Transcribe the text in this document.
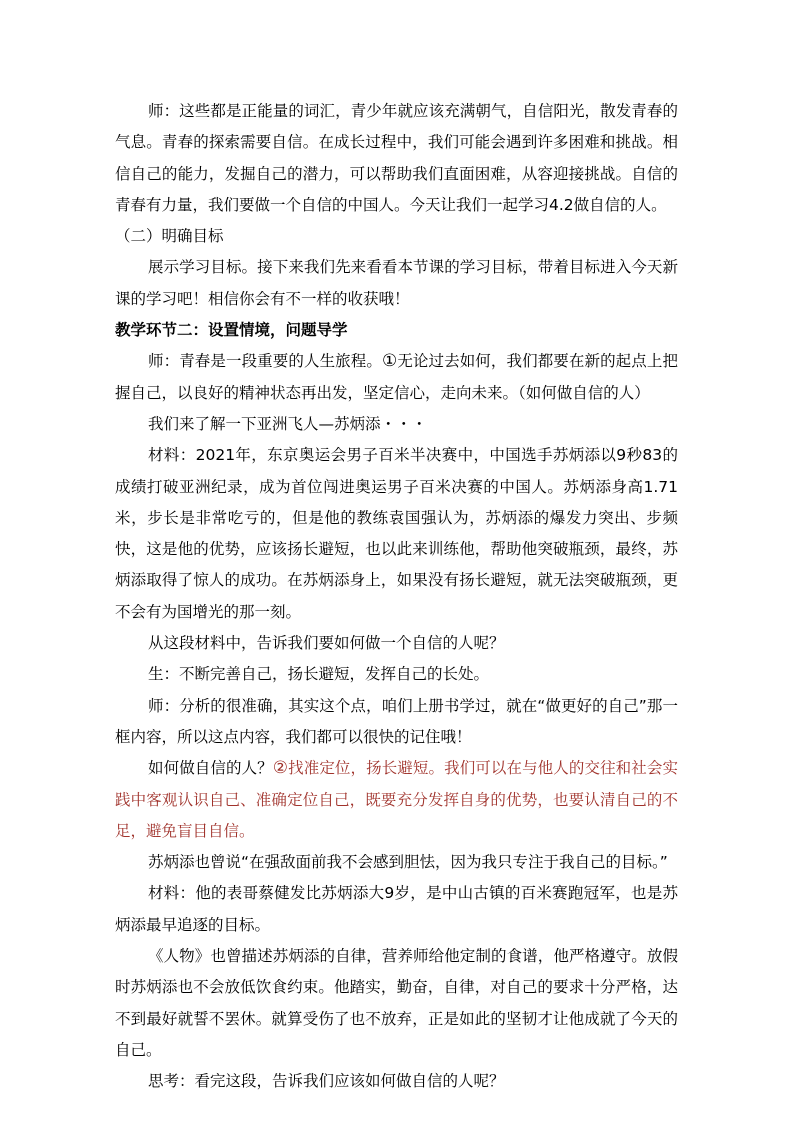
师：这些都是正能量的词汇，青少年就应该充满朝气，自信阳光，散发青春的气息。青春的探索需要自信。在成长过程中，我们可能会遇到许多困难和挑战。相信自己的能力，发掘自己的潜力，可以帮助我们直面困难，从容迎接挑战。自信的青春有力量，我们要做一个自信的中国人。今天让我们一起学习4.2做自信的人。

（二）明确目标

展示学习目标。接下来我们先来看看本节课的学习目标，带着目标进入今天新课的学习吧！相信你会有不一样的收获哦！

教学环节二：设置情境，问题导学

师：青春是一段重要的人生旅程。①无论过去如何，我们都要在新的起点上把握自己，以良好的精神状态再出发，坚定信心，走向未来。（如何做自信的人）

我们来了解一下亚洲飞人—苏炳添・・・

材料：2021年，东京奥运会男子百米半决赛中，中国选手苏炳添以9秒83的成绩打破亚洲纪录，成为首位闯进奥运男子百米决赛的中国人。苏炳添身高1.71米，步长是非常吃亏的，但是他的教练袁国强认为，苏炳添的爆发力突出、步频快，这是他的优势，应该扬长避短，也以此来训练他，帮助他突破瓶颈，最终，苏炳添取得了惊人的成功。在苏炳添身上，如果没有扬长避短，就无法突破瓶颈，更不会有为国增光的那一刻。

从这段材料中，告诉我们要如何做一个自信的人呢？

生：不断完善自己，扬长避短，发挥自己的长处。

师：分析的很准确，其实这个点，咱们上册书学过，就在“做更好的自己”那一框内容，所以这点内容，我们都可以很快的记住哦！

如何做自信的人？②找准定位，扬长避短。我们可以在与他人的交往和社会实践中客观认识自己、准确定位自己，既要充分发挥自身的优势，也要认清自己的不足，避免盲目自信。

苏炳添也曾说“在强敌面前我不会感到胆怯，因为我只专注于我自己的目标。”

材料：他的表哥蔡健发比苏炳添大9岁，是中山古镇的百米赛跑冠军，也是苏炳添最早追逐的目标。

《人物》也曾描述苏炳添的自律，营养师给他定制的食谱，他严格遵守。放假时苏炳添也不会放低饮食约束。他踏实，勤奋，自律，对自己的要求十分严格，达不到最好就誓不罢休。就算受伤了也不放弃，正是如此的坚韧才让他成就了今天的自己。

思考：看完这段，告诉我们应该如何做自信的人呢？
